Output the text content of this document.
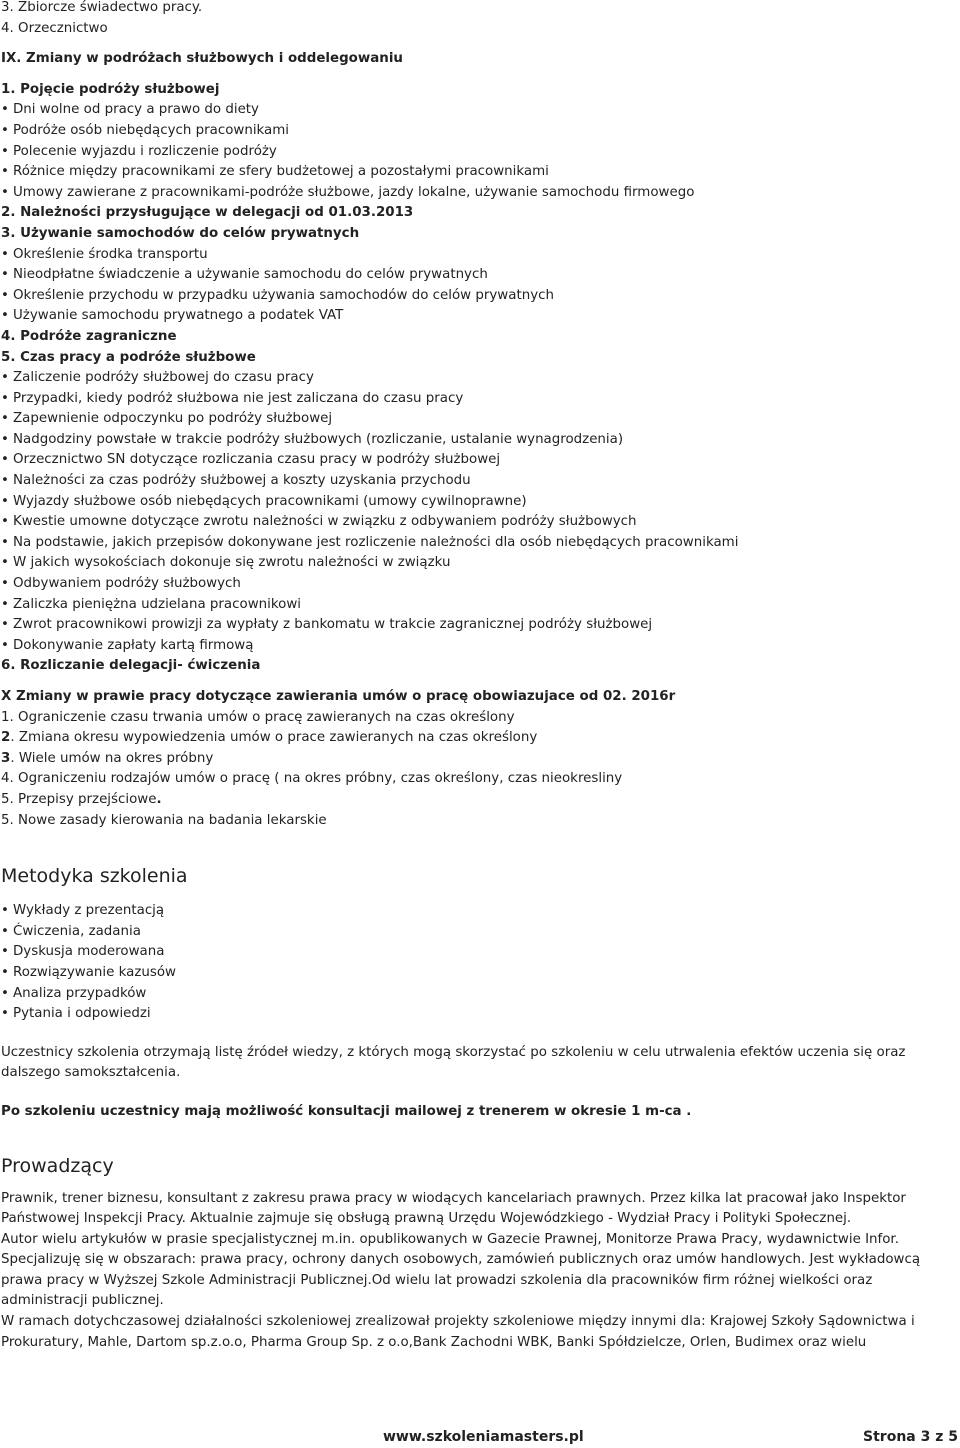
3. Zbiorcze świadectwo pracy.
4. Orzecznictwo
IX. Zmiany w podróżach służbowych i oddelegowaniu
1. Pojęcie podróży służbowej
• Dni wolne od pracy a prawo do diety
• Podróże osób niebędących pracownikami
• Polecenie wyjazdu i rozliczenie podróży
• Różnice między pracownikami ze sfery budżetowej a pozostałymi pracownikami
• Umowy zawierane z pracownikami-podróże służbowe, jazdy lokalne, używanie samochodu firmowego
2. Należności przysługujące w delegacji od 01.03.2013
3. Używanie samochodów do celów prywatnych
• Określenie środka transportu
• Nieodpłatne świadczenie a używanie samochodu do celów prywatnych
• Określenie przychodu w przypadku używania samochodów do celów prywatnych
• Używanie samochodu prywatnego a podatek VAT
4. Podróże zagraniczne
5. Czas pracy a podróże służbowe
• Zaliczenie podróży służbowej do czasu pracy
• Przypadki, kiedy podróż służbowa nie jest zaliczana do czasu pracy
• Zapewnienie odpoczynku po podróży służbowej
• Nadgodziny powstałe w trakcie podróży służbowych (rozliczanie, ustalanie wynagrodzenia)
• Orzecznictwo SN dotyczące rozliczania czasu pracy w podróży służbowej
• Należności za czas podróży służbowej a koszty uzyskania przychodu
• Wyjazdy służbowe osób niebędących pracownikami (umowy cywilnoprawne)
• Kwestie umowne dotyczące zwrotu należności w związku z odbywaniem podróży służbowych
• Na podstawie, jakich przepisów dokonywane jest rozliczenie należności dla osób niebędących pracownikami
• W jakich wysokościach dokonuje się zwrotu należności w związku
• Odbywaniem podróży służbowych
• Zaliczka pieniężna udzielana pracownikowi
• Zwrot pracownikowi prowizji za wypłaty z bankomatu w trakcie zagranicznej podróży służbowej
• Dokonywanie zapłaty kartą firmową
6. Rozliczanie delegacji- ćwiczenia
X Zmiany w prawie pracy dotyczące zawierania umów o pracę obowiazujace od 02. 2016r
1. Ograniczenie czasu trwania umów o pracę zawieranych na czas określony
2. Zmiana okresu wypowiedzenia umów o prace zawieranych na czas określony
3. Wiele umów na okres próbny
4. Ograniczeniu rodzajów umów o pracę ( na okres próbny, czas określony, czas nieokresliny
5. Przepisy przejściowe.
5. Nowe zasady kierowania na badania lekarskie
Metodyka szkolenia
• Wykłady z prezentacją
• Ćwiczenia, zadania
• Dyskusja moderowana
• Rozwiązywanie kazusów
• Analiza przypadków
• Pytania i odpowiedzi
Uczestnicy szkolenia otrzymają listę źródeł wiedzy, z których mogą skorzystać po szkoleniu w celu utrwalenia efektów uczenia się oraz dalszego samokształcenia.
Po szkoleniu uczestnicy mają możliwość konsultacji mailowej z trenerem w okresie 1 m-ca .
Prowadzący
Prawnik, trener biznesu, konsultant z zakresu prawa pracy w wiodących kancelariach prawnych. Przez kilka lat pracował jako Inspektor Państwowej Inspekcji Pracy. Aktualnie zajmuje się obsługą prawną Urzędu Wojewódzkiego - Wydział Pracy i Polityki Społecznej.
Autor wielu artykułów w prasie specjalistycznej m.in. opublikowanych w Gazecie Prawnej, Monitorze Prawa Pracy, wydawnictwie Infor.
Specjalizuję się w obszarach: prawa pracy, ochrony danych osobowych, zamówień publicznych oraz umów handlowych. Jest wykładowcą prawa pracy w Wyższej Szkole Administracji Publicznej.Od wielu lat prowadzi szkolenia dla pracowników firm różnej wielkości oraz administracji publicznej.
W ramach dotychczasowej działalności szkoleniowej zrealizował projekty szkoleniowe między innymi dla: Krajowej Szkoły Sądownictwa i Prokuratury, Mahle, Dartom sp.z.o.o, Pharma Group Sp. z o.o,Bank Zachodni WBK, Banki Spółdzielcze, Orlen, Budimex oraz wielu
www.szkoleniamasters.pl	Strona 3 z 5
